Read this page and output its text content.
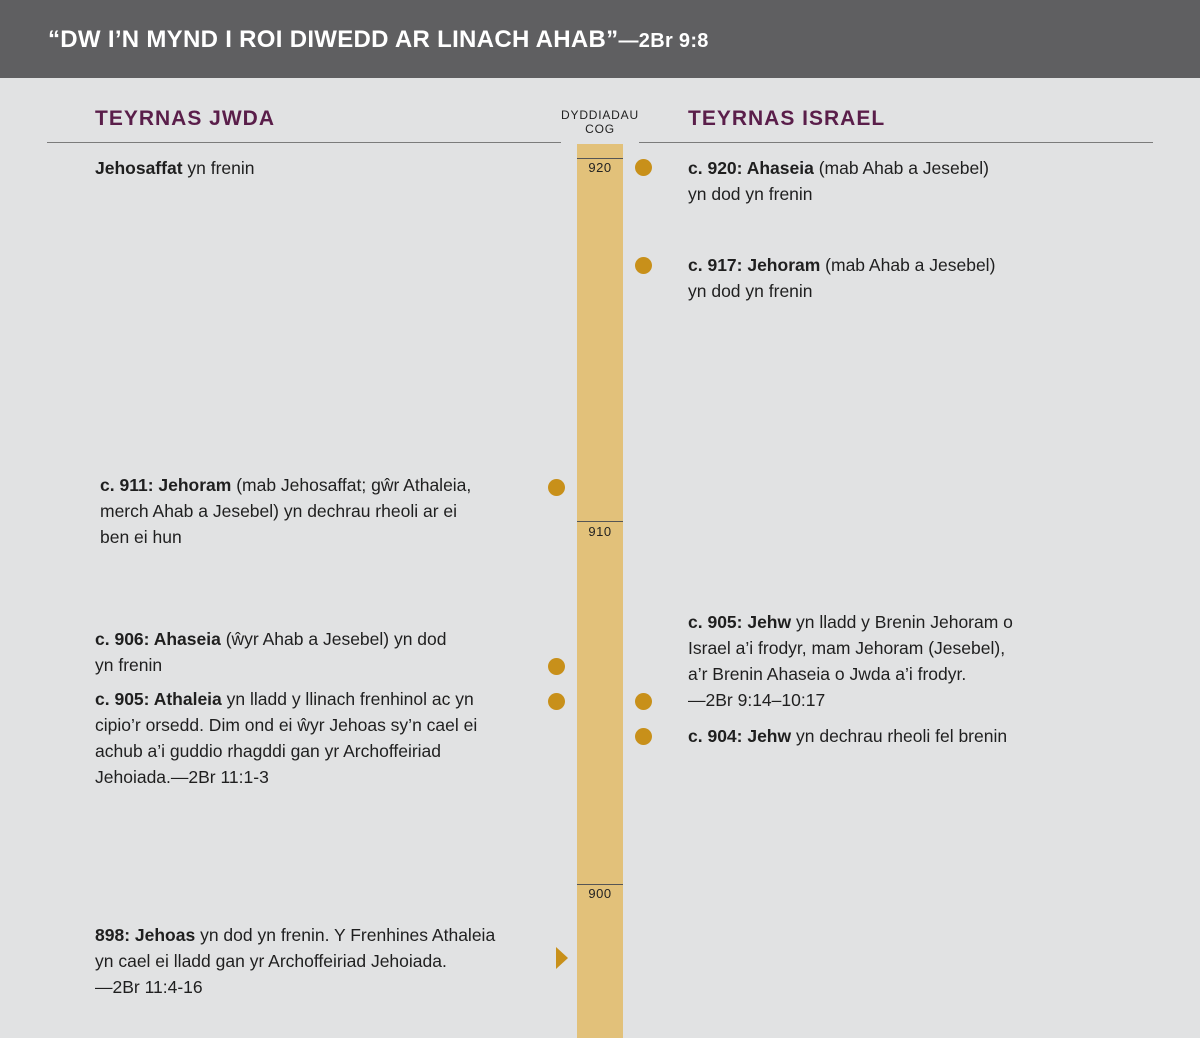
“DW I’N MYND I ROI DIWEDD AR LINACH AHAB”—2Br 9:8
TEYRNAS JWDA	DYDDIADAU
COG	TEYRNAS ISRAEL
920
910
900
Jehosaffat yn frenin
c. 911: Jehoram (mab Jehosaffat; gŵr Athaleia,
merch Ahab a Jesebel) yn dechrau rheoli ar ei
ben ei hun
c. 906: Ahaseia (ŵyr Ahab a Jesebel) yn dod
yn frenin
c. 905: Athaleia yn lladd y llinach frenhinol ac yn
cipio’r orsedd. Dim ond ei ŵyr Jehoas sy’n cael ei
achub a’i guddio rhagddi gan yr Archoffeiriad
Jehoiada.—2Br 11:1-3
898: Jehoas yn dod yn frenin. Y Frenhines Athaleia
yn cael ei lladd gan yr Archoffeiriad Jehoiada.
—2Br 11:4-16
c. 920: Ahaseia (mab Ahab a Jesebel)
yn dod yn frenin
c. 917: Jehoram (mab Ahab a Jesebel)
yn dod yn frenin
c. 905: Jehw yn lladd y Brenin Jehoram o
Israel a’i frodyr, mam Jehoram (Jesebel),
a’r Brenin Ahaseia o Jwda a’i frodyr.
—2Br 9:14–10:17
c. 904: Jehw yn dechrau rheoli fel brenin
